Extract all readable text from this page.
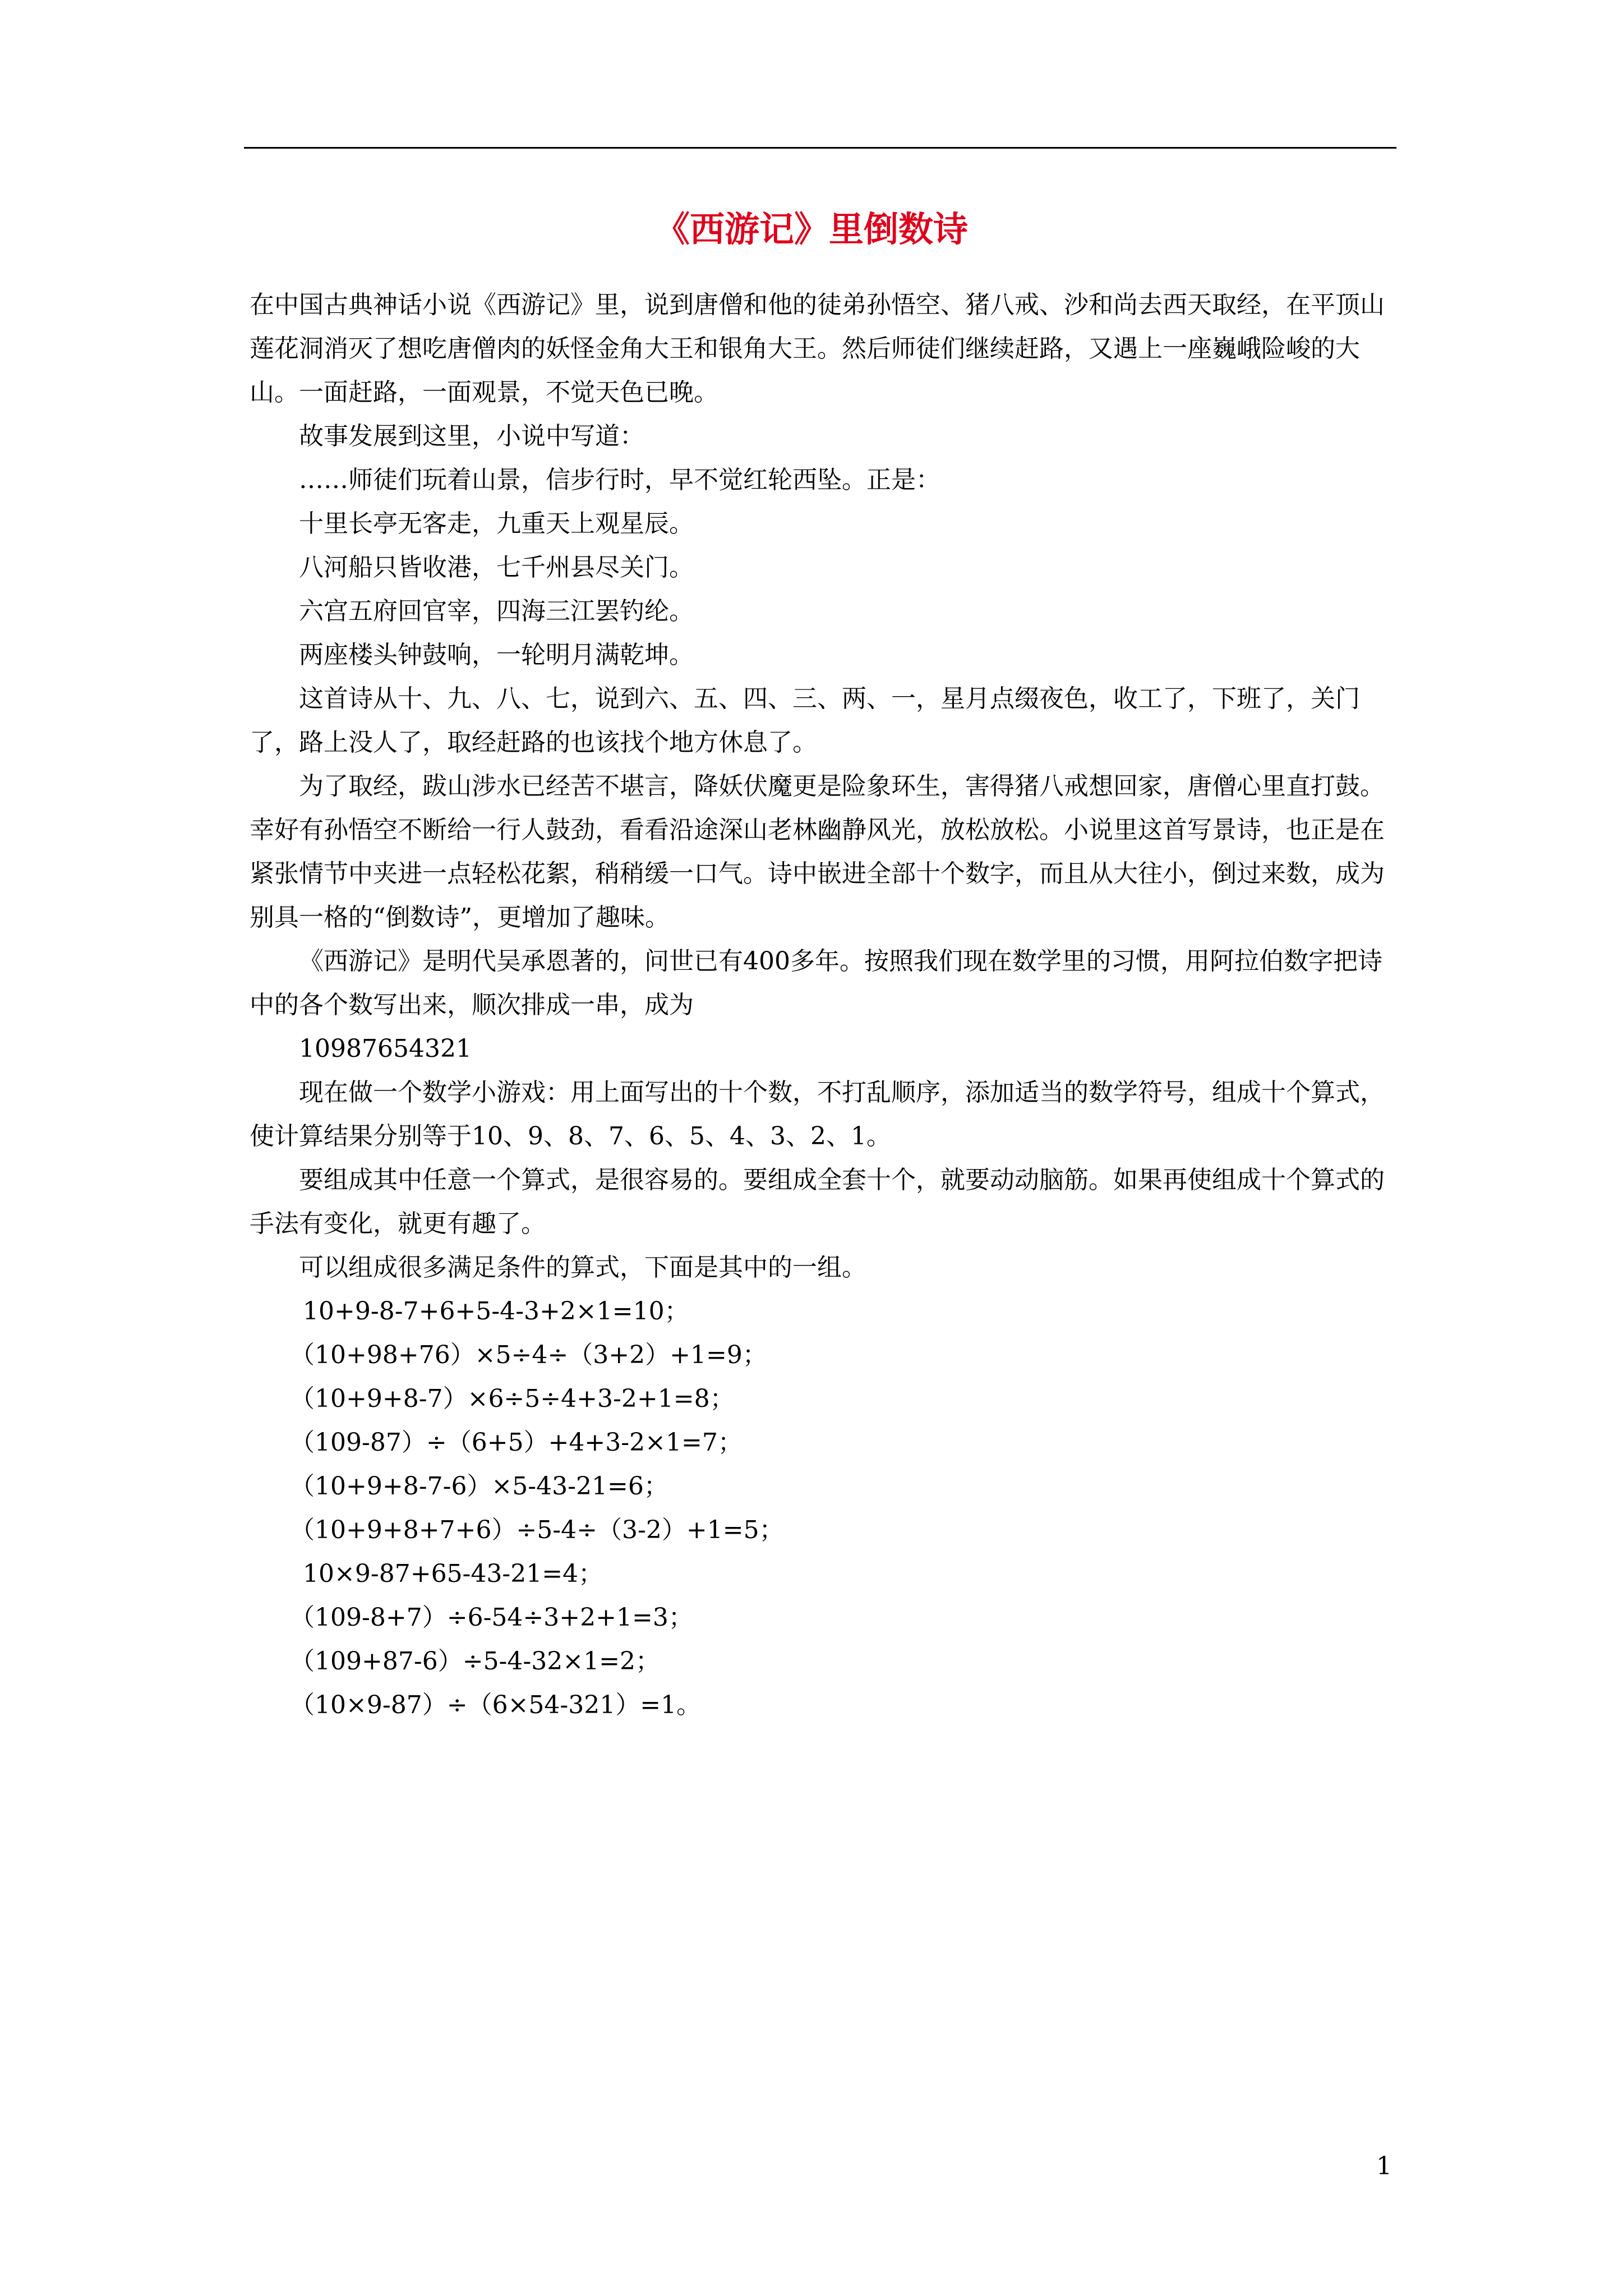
《西游记》里倒数诗

在中国古典神话小说《西游记》里，说到唐僧和他的徒弟孙悟空、猪八戒、沙和尚去西天取经，在平顶山莲花洞消灭了想吃唐僧肉的妖怪金角大王和银角大王。然后师徒们继续赶路，又遇上一座巍峨险峻的大山。一面赶路，一面观景，不觉天色已晚。

故事发展到这里，小说中写道：

……师徒们玩着山景，信步行时，早不觉红轮西坠。正是：

十里长亭无客走，九重天上观星辰。

八河船只皆收港，七千州县尽关门。

六宫五府回官宰，四海三江罢钓纶。

两座楼头钟鼓响，一轮明月满乾坤。

这首诗从十、九、八、七，说到六、五、四、三、两、一，星月点缀夜色，收工了，下班了，关门了，路上没人了，取经赶路的也该找个地方休息了。

为了取经，跋山涉水已经苦不堪言，降妖伏魔更是险象环生，害得猪八戒想回家，唐僧心里直打鼓。幸好有孙悟空不断给一行人鼓劲，看看沿途深山老林幽静风光，放松放松。小说里这首写景诗，也正是在紧张情节中夹进一点轻松花絮，稍稍缓一口气。诗中嵌进全部十个数字，而且从大往小，倒过来数，成为别具一格的“倒数诗”，更增加了趣味。

《西游记》是明代吴承恩著的，问世已有400多年。按照我们现在数学里的习惯，用阿拉伯数字把诗中的各个数写出来，顺次排成一串，成为

10987654321

现在做一个数学小游戏：用上面写出的十个数，不打乱顺序，添加适当的数学符号，组成十个算式，使计算结果分别等于10、9、8、7、6、5、4、3、2、1。

要组成其中任意一个算式，是很容易的。要组成全套十个，就要动动脑筋。如果再使组成十个算式的手法有变化，就更有趣了。

可以组成很多满足条件的算式，下面是其中的一组。

10+9-8-7+6+5-4-3+2×1=10；

（10+98+76）×5÷4÷（3+2）+1=9；

（10+9+8-7）×6÷5÷4+3-2+1=8；

（109-87）÷（6+5）+4+3-2×1=7；

（10+9+8-7-6）×5-43-21=6；

（10+9+8+7+6）÷5-4÷（3-2）+1=5；

10×9-87+65-43-21=4；

（109-8+7）÷6-54÷3+2+1=3；

（109+87-6）÷5-4-32×1=2；

（10×9-87）÷（6×54-321）=1。

1
